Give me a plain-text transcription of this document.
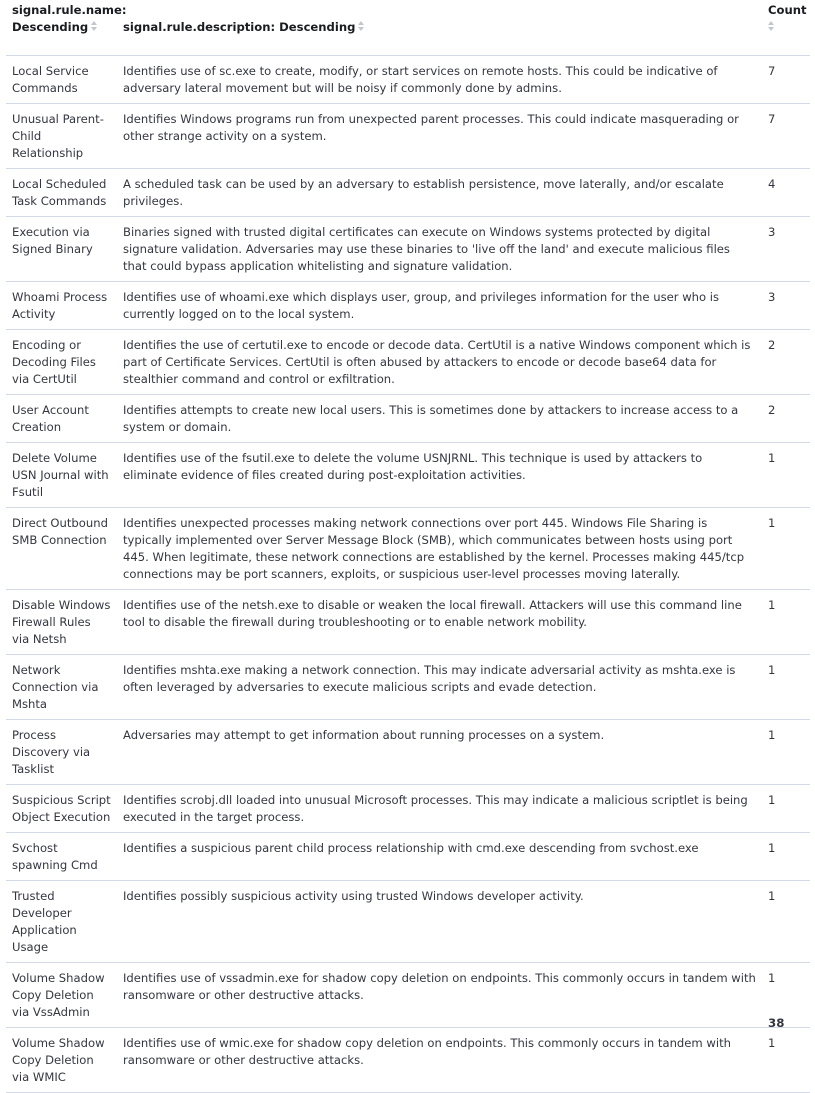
signal.rule.name:
Descending	signal.rule.description: Descending	Count

Local Service Commands	Identifies use of sc.exe to create, modify, or start services on remote hosts. This could be indicative of adversary lateral movement but will be noisy if commonly done by admins.	7
Unusual Parent-Child Relationship	Identifies Windows programs run from unexpected parent processes. This could indicate masquerading or other strange activity on a system.	7
Local Scheduled Task Commands	A scheduled task can be used by an adversary to establish persistence, move laterally, and/or escalate privileges.	4
Execution via Signed Binary	Binaries signed with trusted digital certificates can execute on Windows systems protected by digital signature validation. Adversaries may use these binaries to 'live off the land' and execute malicious files that could bypass application whitelisting and signature validation.	3
Whoami Process Activity	Identifies use of whoami.exe which displays user, group, and privileges information for the user who is currently logged on to the local system.	3
Encoding or Decoding Files via CertUtil	Identifies the use of certutil.exe to encode or decode data. CertUtil is a native Windows component which is part of Certificate Services. CertUtil is often abused by attackers to encode or decode base64 data for stealthier command and control or exfiltration.	2
User Account Creation	Identifies attempts to create new local users. This is sometimes done by attackers to increase access to a system or domain.	2
Delete Volume USN Journal with Fsutil	Identifies use of the fsutil.exe to delete the volume USNJRNL. This technique is used by attackers to eliminate evidence of files created during post-exploitation activities.	1
Direct Outbound SMB Connection	Identifies unexpected processes making network connections over port 445. Windows File Sharing is typically implemented over Server Message Block (SMB), which communicates between hosts using port 445. When legitimate, these network connections are established by the kernel. Processes making 445/tcp connections may be port scanners, exploits, or suspicious user-level processes moving laterally.	1
Disable Windows Firewall Rules via Netsh	Identifies use of the netsh.exe to disable or weaken the local firewall. Attackers will use this command line tool to disable the firewall during troubleshooting or to enable network mobility.	1
Network Connection via Mshta	Identifies mshta.exe making a network connection. This may indicate adversarial activity as mshta.exe is often leveraged by adversaries to execute malicious scripts and evade detection.	1
Process Discovery via Tasklist	Adversaries may attempt to get information about running processes on a system.	1
Suspicious Script Object Execution	Identifies scrobj.dll loaded into unusual Microsoft processes. This may indicate a malicious scriptlet is being executed in the target process.	1
Svchost spawning Cmd	Identifies a suspicious parent child process relationship with cmd.exe descending from svchost.exe	1
Trusted Developer Application Usage	Identifies possibly suspicious activity using trusted Windows developer activity.	1
Volume Shadow Copy Deletion via VssAdmin	Identifies use of vssadmin.exe for shadow copy deletion on endpoints. This commonly occurs in tandem with ransomware or other destructive attacks.	1
Volume Shadow Copy Deletion via WMIC	Identifies use of wmic.exe for shadow copy deletion on endpoints. This commonly occurs in tandem with ransomware or other destructive attacks.	1
38
